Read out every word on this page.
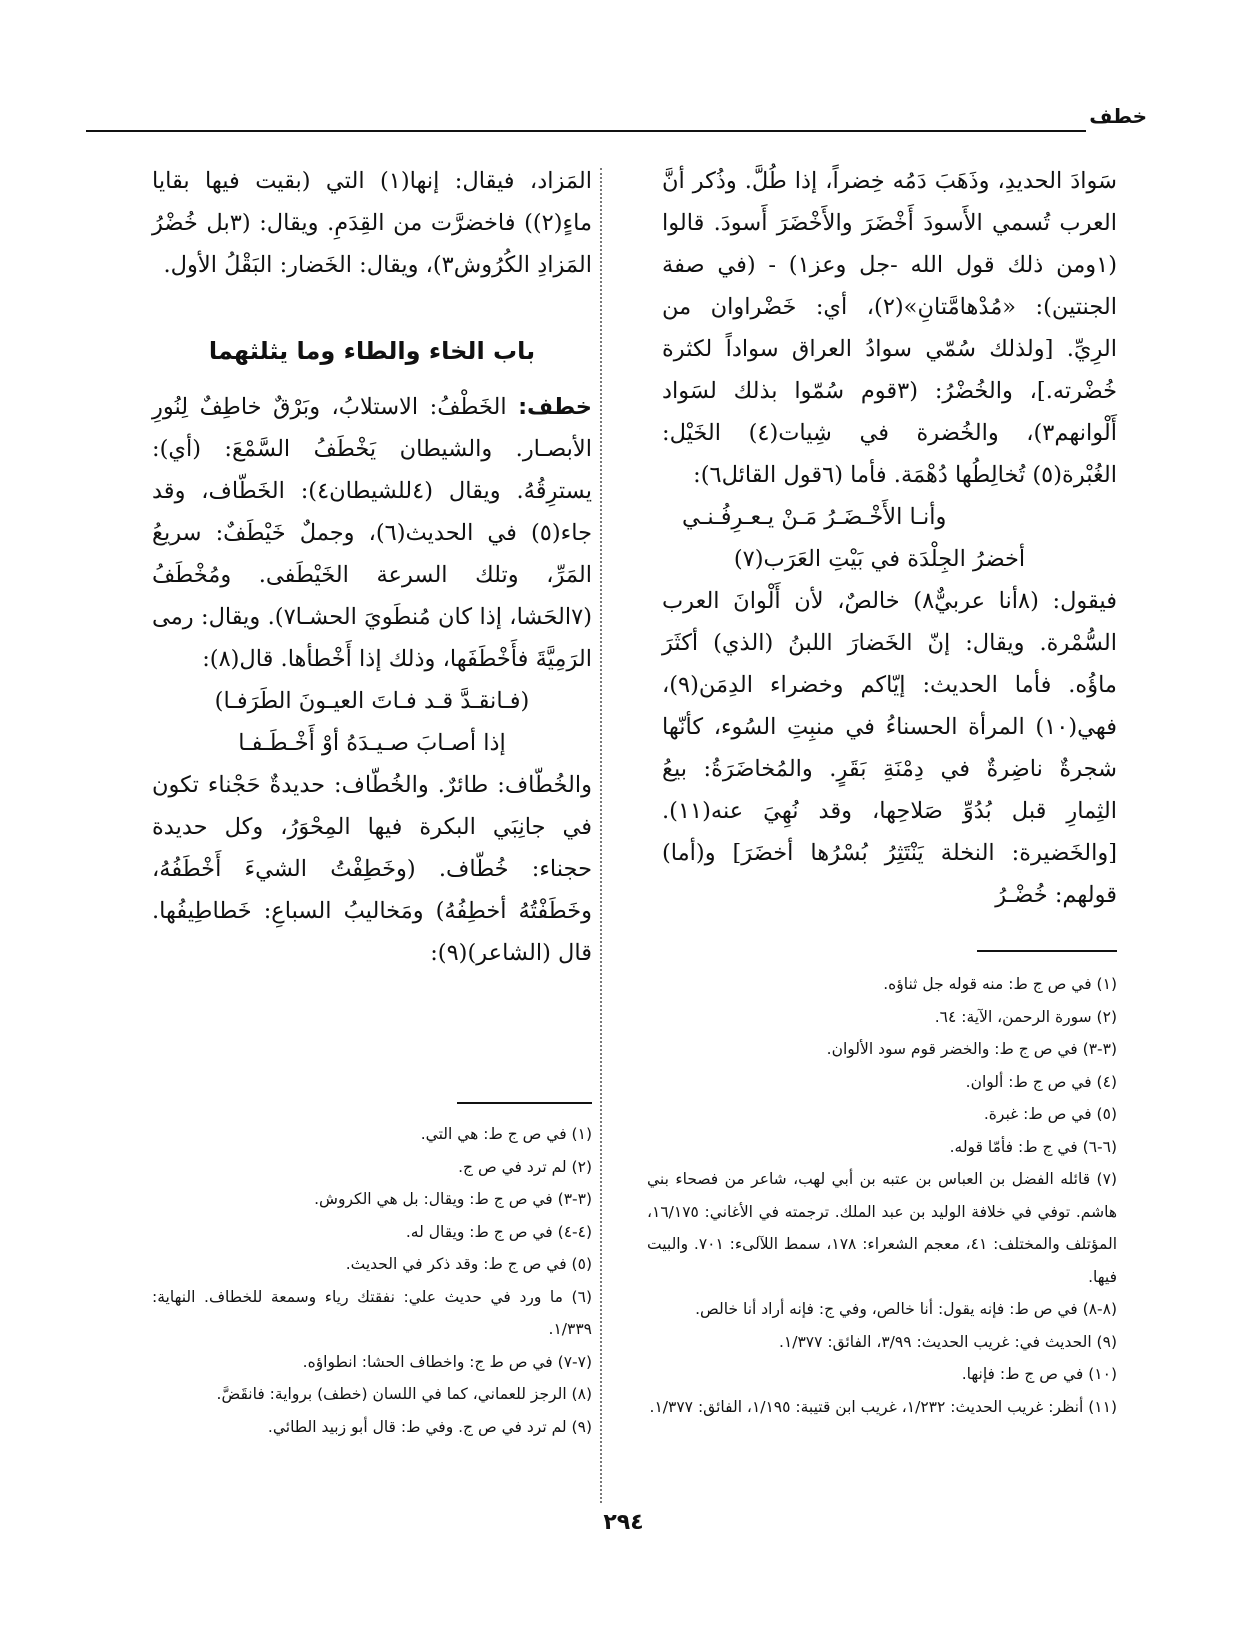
خطف

سَوادَ الحديدِ، وذَهَبَ دَمُه خِضراً، إذا طُلَّ. وذُكر أنَّ العرب تُسمي الأَسودَ أَخْضَرَ والأَخْضَرَ أَسودَ. قالوا (١ومن ذلك قول الله -جل وعز١) - (في صفة الجنتين): «مُدْهامَّتانِ»(٢)، أي: خَضْراوان من الرِيِّ. [ولذلك سُمّي سوادُ العراق سواداً لكثرة خُضْرته.]، والخُضْرُ: (٣قوم سُمّوا بذلك لسَواد أَلْوانهم٣)، والخُضرة في شِيات(٤) الخَيْل: الغُبْرة(٥) تُخالِطُها دُهْمَة. فأما (٦قول القائل٦):

وأنـا الأَخْـضَـرُ مَـنْ يـعـرِفُـنـي

أخضرُ الجِلْدَة في بَيْتِ العَرَب(٧)

فيقول: (٨أنا عربيٌّ٨) خالصٌ، لأن أَلْوانَ العرب السُّمْرة. ويقال: إنّ الخَضارَ اللبنُ (الذي) أكثَرَ ماؤُه. فأما الحديث: إيّاكم وخضراء الدِمَن(٩)، فهي(١٠) المرأة الحسناءُ في منبِتِ السُوء، كأنّها شجرةٌ ناضِرةٌ في دِمْنَةِ بَقَرٍ. والمُخاضَرَةُ: بيعُ الثِمارِ قبل بُدُوِّ صَلاحِها، وقد نُهِيَ عنه(١١). [والخَضيرة: النخلة يَنْتَثِرُ بُسْرُها أخضَرَ] و(أما) قولهم: خُضْـرُ

المَزاد، فيقال: إنها(١) التي (بقيت فيها بقايا ماءٍ(٢)) فاخضرَّت من القِدَمِ. ويقال: (٣بل خُضْرُ المَزادِ الكُرُوش٣)، ويقال: الخَضار: البَقْلُ الأول.

باب الخاء والطاء وما يثلثهما

خطف: الخَطْفُ: الاستلابُ، وبَرْقٌ خاطِفٌ لِنُورِ الأبصـار. والشيطان يَخْطَفُ السَّمْعَ: (أي): يسترِقُهُ. ويقال (٤للشيطان٤): الخَطّاف، وقد جاء(٥) في الحديث(٦)، وجملٌ خَيْطَفٌ: سريعُ المَرِّ، وتلك السرعة الخَيْطَفى. ومُخْطَفُ (٧الحَشا، إذا كان مُنطَويَ الحشـا٧). ويقال: رمى الرَمِيَّةَ فأَخْطَفَها، وذلك إذا أَخْطأها. قال(٨):

(فـانقـدَّ قـد فـاتَ العيـونَ الطَرَفـا)

إذا أصـابَ صـيـدَهُ أوْ أَخْـطَـفـا

والخُطّاف: طائرٌ. والخُطّاف: حديدةٌ حَجْناء تكون في جانِبَي البكرة فيها المِحْوَرُ، وكل حديدة حجناء: خُطّاف. (وخَطِفْتُ الشيءَ أَخْطَفُهُ، وخَطَفْتُهُ أخطِفُهُ) ومَخاليبُ السباعِ: خَطاطِيفُها. قال (الشاعر)(٩):

(١) في ص ج ط: منه قوله جل ثناؤه.
(٢) سورة الرحمن، الآية: ٦٤.
(٣-٣) في ص ج ط: والخضر قوم سود الألوان.
(٤) في ص ج ط: ألوان.
(٥) في ص ط: غبرة.
(٦-٦) في ج ط: فأمّا قوله.
(٧) قائله الفضل بن العباس بن عتبه بن أبي لهب، شاعر من فصحاء بني هاشم. توفي في خلافة الوليد بن عبد الملك. ترجمته في الأغاني: ١٦/١٧٥، المؤتلف والمختلف: ٤١، معجم الشعراء: ١٧٨، سمط اللآلىء: ٧٠١. والبيت فيها.
(٨-٨) في ص ط: فإنه يقول: أنا خالص، وفي ج: فإنه أراد أنا خالص.
(٩) الحديث في: غريب الحديث: ٣/٩٩، الفائق: ١/٣٧٧.
(١٠) في ص ج ط: فإنها.
(١١) أنظر: غريب الحديث: ١/٢٣٢، غريب ابن قتيبة: ١/١٩٥، الفائق: ١/٣٧٧.
(١) في ص ج ط: هي التي.
(٢) لم ترد في ص ج.
(٣-٣) في ص ج ط: ويقال: بل هي الكروش.
(٤-٤) في ص ج ط: ويقال له.
(٥) في ص ج ط: وقد ذكر في الحديث.
(٦) ما ورد في حديث علي: نفقتك رياء وسمعة للخطاف. النهاية: ١/٣٣٩.
(٧-٧) في ص ط ج: واخطاف الحشا: انطواؤه.
(٨) الرجز للعماني، كما في اللسان (خطف) برواية: فانقَضَّ.
(٩) لم ترد في ص ج. وفي ط: قال أبو زبيد الطائي.

٢٩٤
